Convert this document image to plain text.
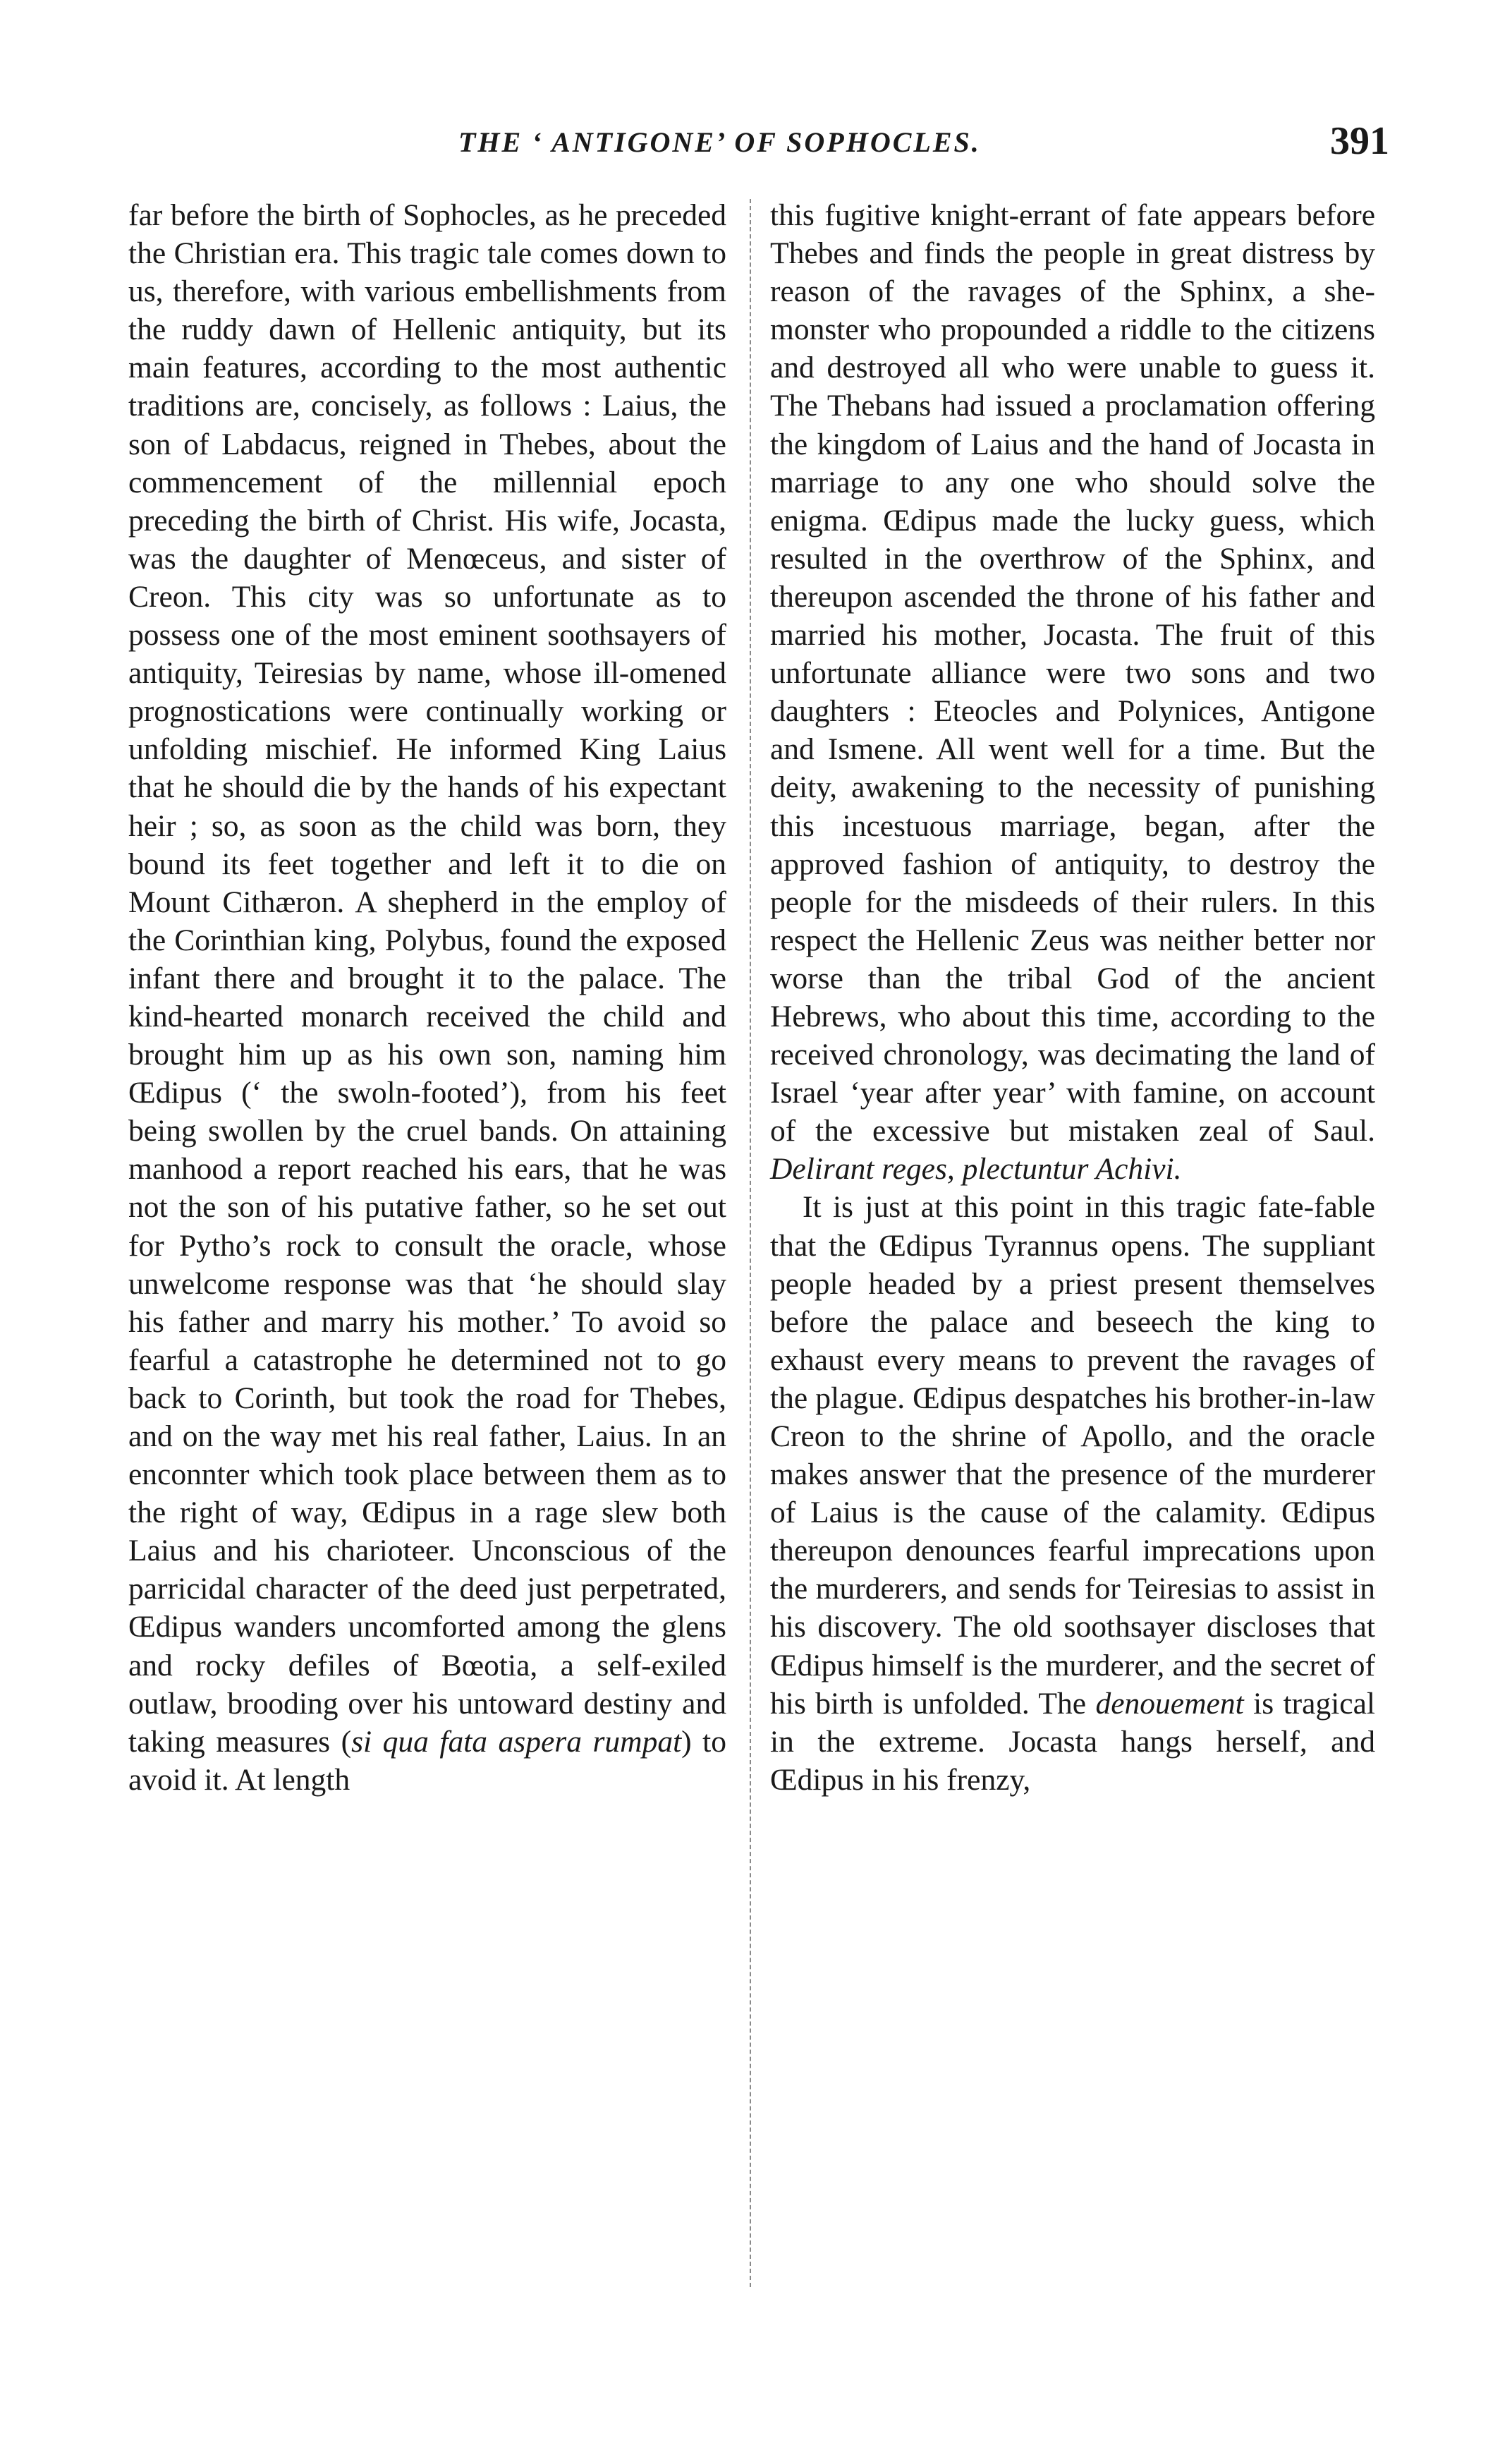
THE ‘ ANTIGONE’ OF SOPHOCLES.	391

far before the birth of Sophocles, as he preceded the Christian era. This tragic tale comes down to us, therefore, with various embellishments from the ruddy dawn of Hellenic antiquity, but its main features, according to the most authentic traditions are, concisely, as follows : Laius, the son of Labdacus, reigned in Thebes, about the commencement of the millennial epoch preceding the birth of Christ. His wife, Jocasta, was the daughter of Menœceus, and sister of Creon. This city was so unfortunate as to possess one of the most eminent soothsayers of antiquity, Teiresias by name, whose ill-omened prognostications were continually working or unfolding mischief. He informed King Laius that he should die by the hands of his expectant heir ; so, as soon as the child was born, they bound its feet together and left it to die on Mount Cithæron. A shepherd in the employ of the Corinthian king, Polybus, found the exposed infant there and brought it to the palace. The kind-hearted monarch received the child and brought him up as his own son, naming him Œdipus (‘ the swoln-footed’), from his feet being swollen by the cruel bands. On attaining manhood a report reached his ears, that he was not the son of his putative father, so he set out for Pytho’s rock to consult the oracle, whose unwelcome response was that ‘he should slay his father and marry his mother.’ To avoid so fearful a catastrophe he determined not to go back to Corinth, but took the road for Thebes, and on the way met his real father, Laius. In an enconnter which took place between them as to the right of way, Œdipus in a rage slew both Laius and his charioteer. Unconscious of the parricidal character of the deed just perpetrated, Œdipus wanders uncomforted among the glens and rocky defiles of Bœotia, a self-exiled outlaw, brooding over his untoward destiny and taking measures (si qua fata aspera rumpat) to avoid it. At length

this fugitive knight-errant of fate appears before Thebes and finds the people in great distress by reason of the ravages of the Sphinx, a she-monster who propounded a riddle to the citizens and destroyed all who were unable to guess it. The Thebans had issued a proclamation offering the kingdom of Laius and the hand of Jocasta in marriage to any one who should solve the enigma. Œdipus made the lucky guess, which resulted in the overthrow of the Sphinx, and thereupon ascended the throne of his father and married his mother, Jocasta. The fruit of this unfortunate alliance were two sons and two daughters : Eteocles and Polynices, Antigone and Ismene. All went well for a time. But the deity, awakening to the necessity of punishing this incestuous marriage, began, after the approved fashion of antiquity, to destroy the people for the misdeeds of their rulers. In this respect the Hellenic Zeus was neither better nor worse than the tribal God of the ancient Hebrews, who about this time, according to the received chronology, was decimating the land of Israel ‘year after year’ with famine, on account of the excessive but mistaken zeal of Saul. Delirant reges, plectuntur Achivi.

It is just at this point in this tragic fate-fable that the Œdipus Tyrannus opens. The suppliant people headed by a priest present themselves before the palace and beseech the king to exhaust every means to prevent the ravages of the plague. Œdipus despatches his brother-in-law Creon to the shrine of Apollo, and the oracle makes answer that the presence of the murderer of Laius is the cause of the calamity. Œdipus thereupon denounces fearful imprecations upon the murderers, and sends for Teiresias to assist in his discovery. The old soothsayer discloses that Œdipus himself is the murderer, and the secret of his birth is unfolded. The denouement is tragical in the extreme. Jocasta hangs herself, and Œdipus in his frenzy,
